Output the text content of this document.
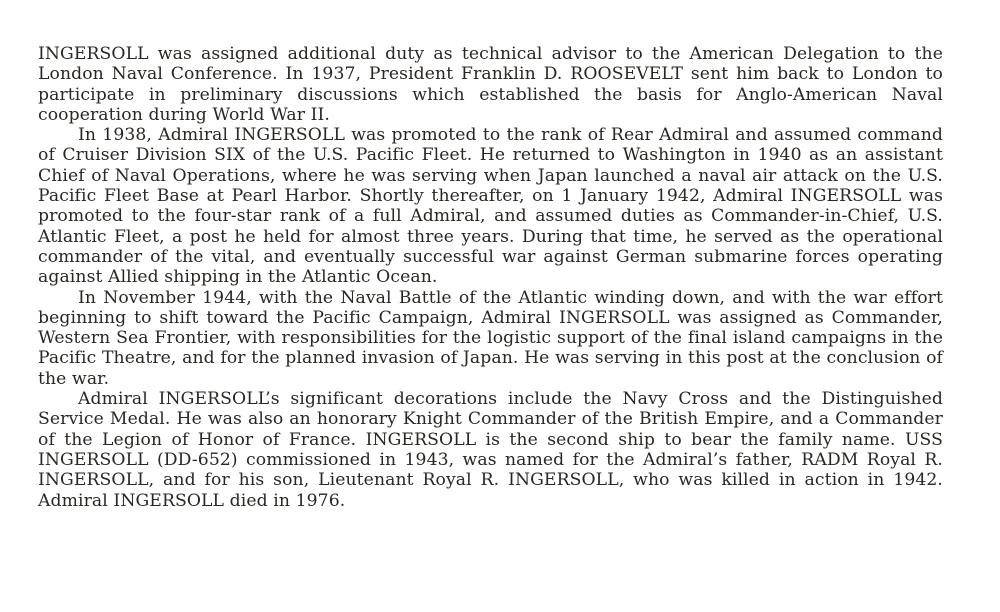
INGERSOLL was assigned additional duty as technical advisor to the American Delegation to the London Naval Conference. In 1937, President Franklin D. ROOSEVELT sent him back to London to participate in preliminary discussions which established the basis for Anglo-American Naval cooperation during World War II.

In 1938, Admiral INGERSOLL was promoted to the rank of Rear Admiral and assumed command of Cruiser Division SIX of the U.S. Pacific Fleet. He returned to Washington in 1940 as an assistant Chief of Naval Operations, where he was serving when Japan launched a naval air attack on the U.S. Pacific Fleet Base at Pearl Harbor. Shortly thereafter, on 1 January 1942, Admiral INGERSOLL was promoted to the four-star rank of a full Admiral, and assumed duties as Commander-in-Chief, U.S. Atlantic Fleet, a post he held for almost three years. During that time, he served as the operational commander of the vital, and eventually successful war against German submarine forces operating against Allied shipping in the Atlantic Ocean.

In November 1944, with the Naval Battle of the Atlantic winding down, and with the war effort beginning to shift toward the Pacific Campaign, Admiral INGERSOLL was assigned as Commander, Western Sea Frontier, with responsibilities for the logistic support of the final island campaigns in the Pacific Theatre, and for the planned invasion of Japan. He was serving in this post at the conclusion of the war.

Admiral INGERSOLL’s significant decorations include the Navy Cross and the Distinguished Service Medal. He was also an honorary Knight Commander of the British Empire, and a Commander of the Legion of Honor of France. INGERSOLL is the second ship to bear the family name. USS INGERSOLL (DD-652) commissioned in 1943, was named for the Admiral’s father, RADM Royal R. INGERSOLL, and for his son, Lieutenant Royal R. INGERSOLL, who was killed in action in 1942. Admiral INGERSOLL died in 1976.
